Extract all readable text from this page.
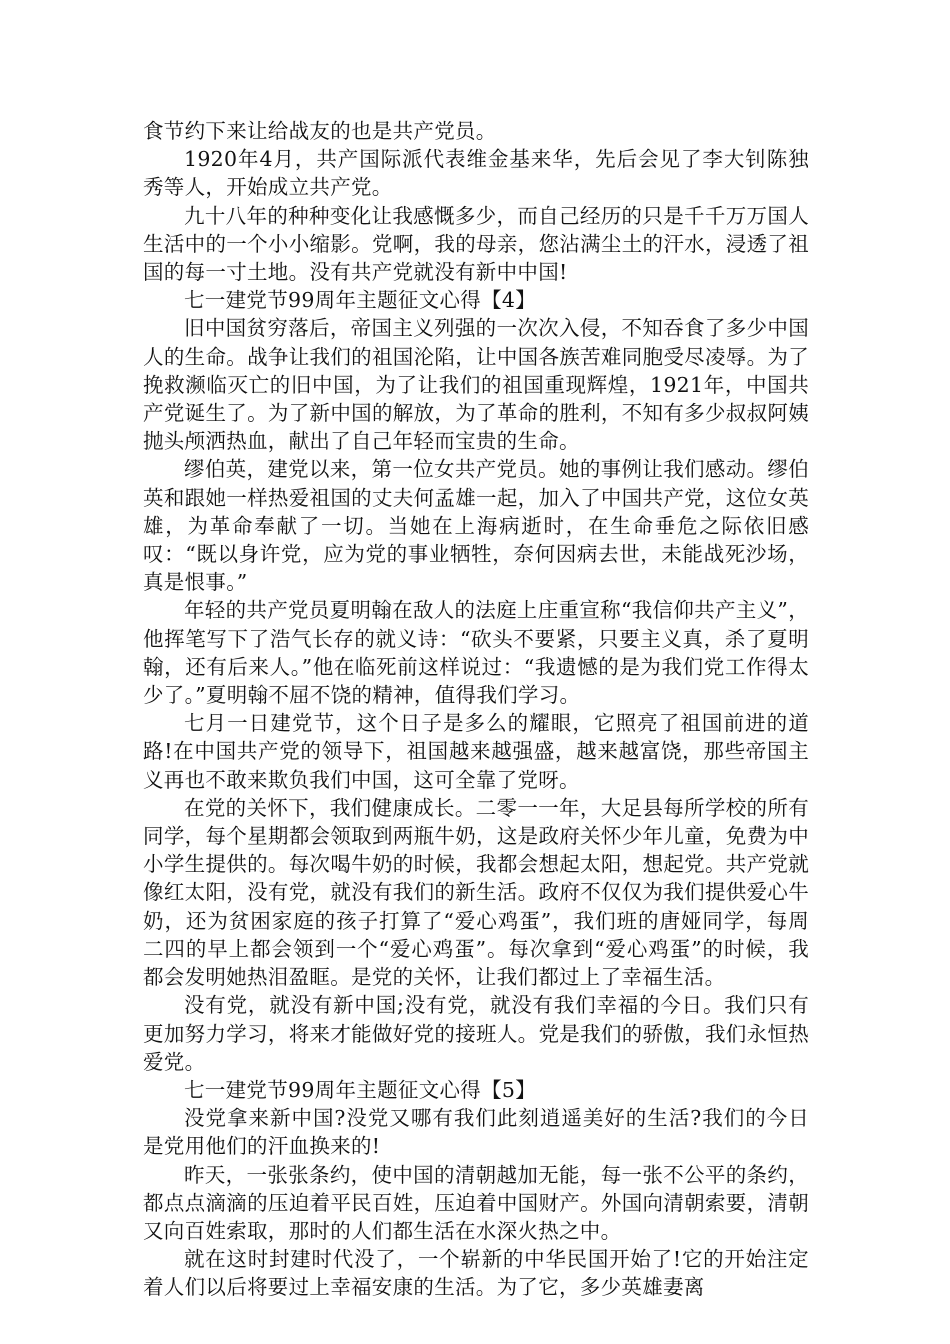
食节约下来让给战友的也是共产党员。

1920年4月，共产国际派代表维金基来华，先后会见了李大钊陈独秀等人，开始成立共产党。

九十八年的种种变化让我感慨多少，而自己经历的只是千千万万国人生活中的一个小小缩影。党啊，我的母亲，您沾满尘土的汗水，浸透了祖国的每一寸土地。没有共产党就没有新中中国!

七一建党节99周年主题征文心得【4】

旧中国贫穷落后，帝国主义列强的一次次入侵，不知吞食了多少中国人的生命。战争让我们的祖国沦陷，让中国各族苦难同胞受尽凌辱。为了挽救濒临灭亡的旧中国，为了让我们的祖国重现辉煌，1921年，中国共产党诞生了。为了新中国的解放，为了革命的胜利，不知有多少叔叔阿姨抛头颅洒热血，献出了自己年轻而宝贵的生命。

缪伯英，建党以来，第一位女共产党员。她的事例让我们感动。缪伯英和跟她一样热爱祖国的丈夫何孟雄一起，加入了中国共产党，这位女英雄，为革命奉献了一切。当她在上海病逝时，在生命垂危之际依旧感叹：“既以身许党，应为党的事业牺牲，奈何因病去世，未能战死沙场，真是恨事。”

年轻的共产党员夏明翰在敌人的法庭上庄重宣称“我信仰共产主义”，他挥笔写下了浩气长存的就义诗：“砍头不要紧，只要主义真，杀了夏明翰，还有后来人。”他在临死前这样说过：“我遗憾的是为我们党工作得太少了。”夏明翰不屈不饶的精神，值得我们学习。

七月一日建党节，这个日子是多么的耀眼，它照亮了祖国前进的道路!在中国共产党的领导下，祖国越来越强盛，越来越富饶，那些帝国主义再也不敢来欺负我们中国，这可全靠了党呀。

在党的关怀下，我们健康成长。二零一一年，大足县每所学校的所有同学，每个星期都会领取到两瓶牛奶，这是政府关怀少年儿童，免费为中小学生提供的。每次喝牛奶的时候，我都会想起太阳，想起党。共产党就像红太阳，没有党，就没有我们的新生活。政府不仅仅为我们提供爱心牛奶，还为贫困家庭的孩子打算了“爱心鸡蛋”，我们班的唐娅同学，每周二四的早上都会领到一个“爱心鸡蛋”。每次拿到“爱心鸡蛋”的时候，我都会发明她热泪盈眶。是党的关怀，让我们都过上了幸福生活。

没有党，就没有新中国;没有党，就没有我们幸福的今日。我们只有更加努力学习，将来才能做好党的接班人。党是我们的骄傲，我们永恒热爱党。

七一建党节99周年主题征文心得【5】

没党拿来新中国?没党又哪有我们此刻逍遥美好的生活?我们的今日是党用他们的汗血换来的!

昨天，一张张条约，使中国的清朝越加无能，每一张不公平的条约，都点点滴滴的压迫着平民百姓，压迫着中国财产。外国向清朝索要，清朝又向百姓索取，那时的人们都生活在水深火热之中。

就在这时封建时代没了，一个崭新的中华民国开始了!它的开始注定着人们以后将要过上幸福安康的生活。为了它，多少英雄妻离
